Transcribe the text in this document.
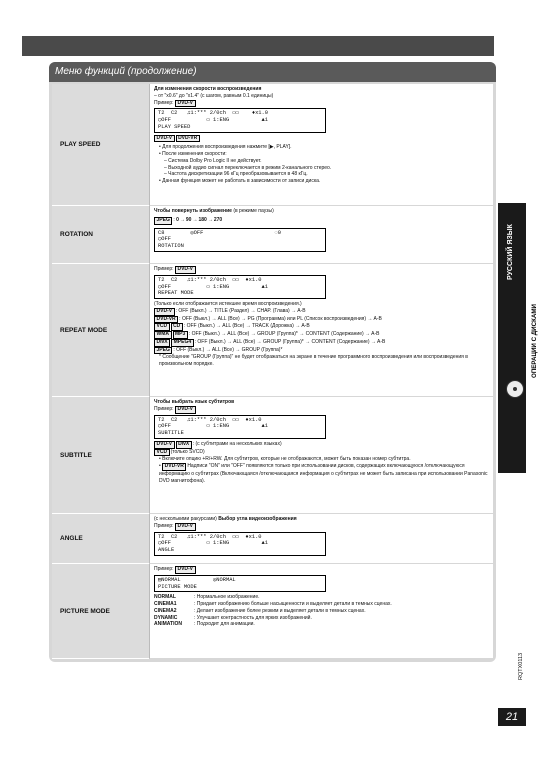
Меню функций (продолжение)
PLAY SPEED
Для изменения скорости воспроизведения
– от "x0.6" до "x1.4" (с шагом, равным 0.1 единицы)
Пример: DVD-V
T2  C2   ♫1:*** 2/0ch  ▭▭    ♦x1.0
◯OFF           ▭ 1:ENG          ▲1
PLAY SPEED
DVD-V DVD-VR
• Для продолжения воспроизведения нажмите [▶, PLAY].
• После изменения скорости:
– Система Dolby Pro Logic II не действует.
– Выходной аудио сигнал переключается в режим 2-канального стерео.
– Частота дискретизации 96 кГц преобразовывается в 48 кГц.
• Данная функция может не работать в зависимости от записи диска.
ROTATION
Чтобы повернуть изображение (в режиме паузы)
JPEG : 0→90→180→270
C8        ◎OFF                      ◌0
◯OFF
ROTATION
REPEAT MODE
Пример: DVD-V
T2  C2   ♫1:*** 2/0ch  ▭▭  ♦x1.0
◯OFF           ▭ 1:ENG          ▲1
REPEAT MODE
(Только если отображается истекшее время воспроизведения.)
DVD-V : OFF (Выкл.) → TITLE (Раздел) → CHAP. (Глава) → A-B
DVD-VR : OFF (Выкл.) → ALL (Все) → PG (Программа) или PL (Список воспроизведения) → A-B
VCD CD : OFF (Выкл.) → ALL (Все) → TRACK (Дорожка) → A-B
WMA MP3 : OFF (Выкл.) → ALL (Все) → GROUP (Группа)* → CONTENT (Содержание) → A-B
DivX MPEG4 : OFF (Выкл.) → ALL (Все) → GROUP (Группа)* → CONTENT (Содержание) → A-B
JPEG : OFF (Выкл.) → ALL (Все) → GROUP (Группа)*
* Сообщение "GROUP (Группа)" не будет отображаться на экране в течение программного воспроизведения или воспроизведения в произвольном порядке.
SUBTITLE
Чтобы выбрать язык субтитров
Пример: DVD-V
T2  C2   ♫1:*** 2/0ch  ▭▭  ♦x1.0
◯OFF           ▭ 1:ENG          ▲1
SUBTITLE
DVD-V DivX : (с субтитрами на нескольких языках)
VCD (только SVCD)
• Включите опцию +R/+RW. Для субтитров, которые не отображаются, может быть показан номер субтитра.
• DVD-VR Надписи "ON" или "OFF" появляются только при использовании дисков, содержащих включающуюся /отключающуюся информацию о субтитрах (Включающаяся /отключающаяся информация о субтитрах не может быть записана при использовании Panasonic DVD магнитофона).
ANGLE
(с несколькими ракурсами) Выбор угла видеоизображения
Пример: DVD-V
T2  C2   ♫1:*** 2/0ch  ▭▭  ♦x1.0
◯OFF           ▭ 1:ENG          ▲1
ANGLE
PICTURE MODE
Пример: DVD-V
▤NORMAL          ◎NORMAL
PICTURE MODE
NORMAL	: Нормальное изображение.
CINEMA1	: Придает изображению больше насыщенности и выделяет детали в темных сценах.
CINEMA2	: Делает изображение более резким и выделяет детали в темных сценах.
DYNAMIC	: Улучшает контрастность для ярких изображений.
ANIMATION	: Подходит для анимации.
РУССКИЙ ЯЗЫК
ОПЕРАЦИИ С ДИСКАМИ
RQTX0113
21
